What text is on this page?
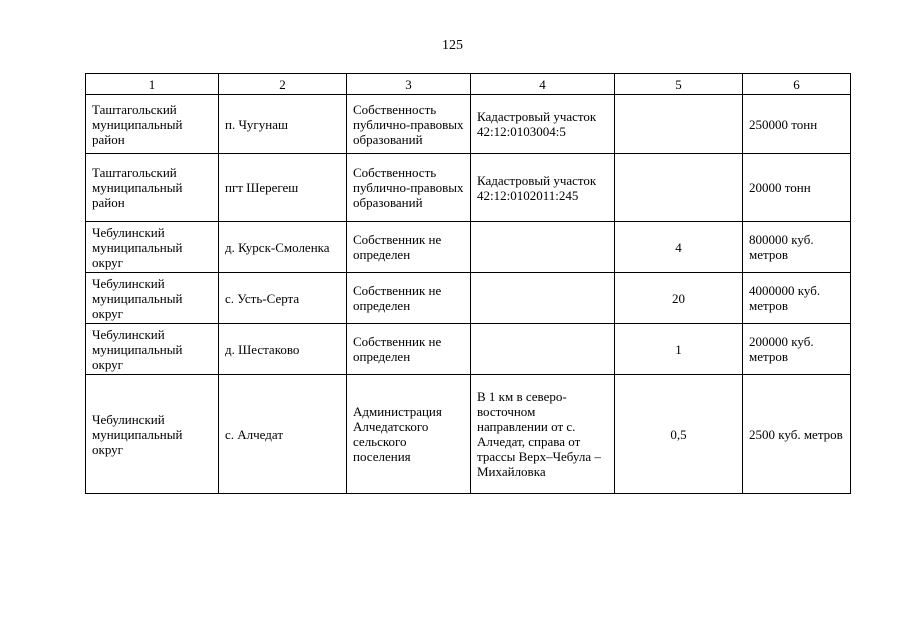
125
1	2	3	4	5	6
Таштагольский муниципальный район	п. Чугунаш	Собственность публично-правовых образований	Кадастровый участок 42:12:0103004:5		250000 тонн
Таштагольский муниципальный район	пгт Шерегеш	Собственность публично-правовых образований	Кадастровый участок 42:12:0102011:245		20000 тонн
Чебулинский муниципальный округ	д. Курск-Смоленка	Собственник не определен		4	800000 куб. метров
Чебулинский муниципальный округ	с. Усть-Серта	Собственник не определен		20	4000000 куб. метров
Чебулинский муниципальный округ	д. Шестаково	Собственник не определен		1	200000 куб. метров
Чебулинский муниципальный округ	с. Алчедат	Администрация Алчедатского сельского поселения	В 1 км в северо-восточном направлении от с. Алчедат, справа от трассы Верх–Чебула – Михайловка	0,5	2500 куб. метров
